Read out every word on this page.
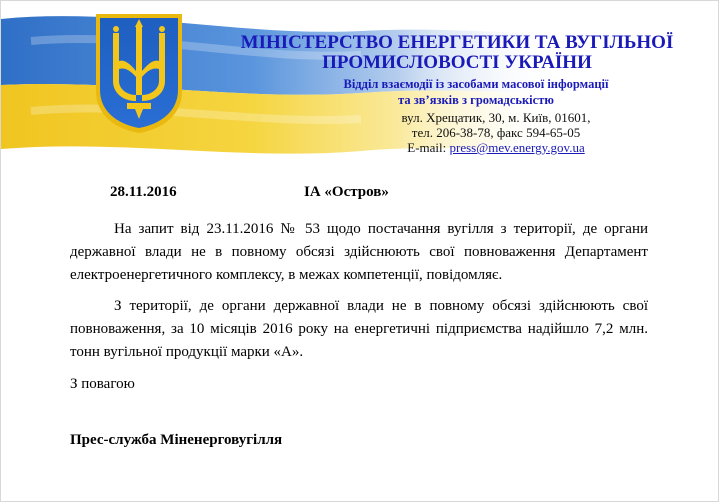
МІНІСТЕРСТВО ЕНЕРГЕТИКИ ТА ВУГІЛЬНОЇ
ПРОМИСЛОВОСТІ УКРАЇНИ
Відділ взаємодії із засобами масової інформації
та зв’язків з громадськістю
вул. Хрещатик, 30, м. Київ, 01601,
тел. 206-38-78, факс 594-65-05
E-mail: press@mev.energy.gov.ua
28.11.2016	ІА «Остров»
На запит від 23.11.2016 № 53 щодо постачання вугілля з території, де органи державної влади не в повному обсязі здійснюють свої повноваження Департамент електроенергетичного комплексу, в межах компетенції, повідомляє.
З території, де органи державної влади не в повному обсязі здійснюють свої повноваження, за 10 місяців 2016 року на енергетичні підприємства надійшло 7,2 млн. тонн вугільної продукції марки «А».
З повагою
Прес-служба Міненерговугілля
